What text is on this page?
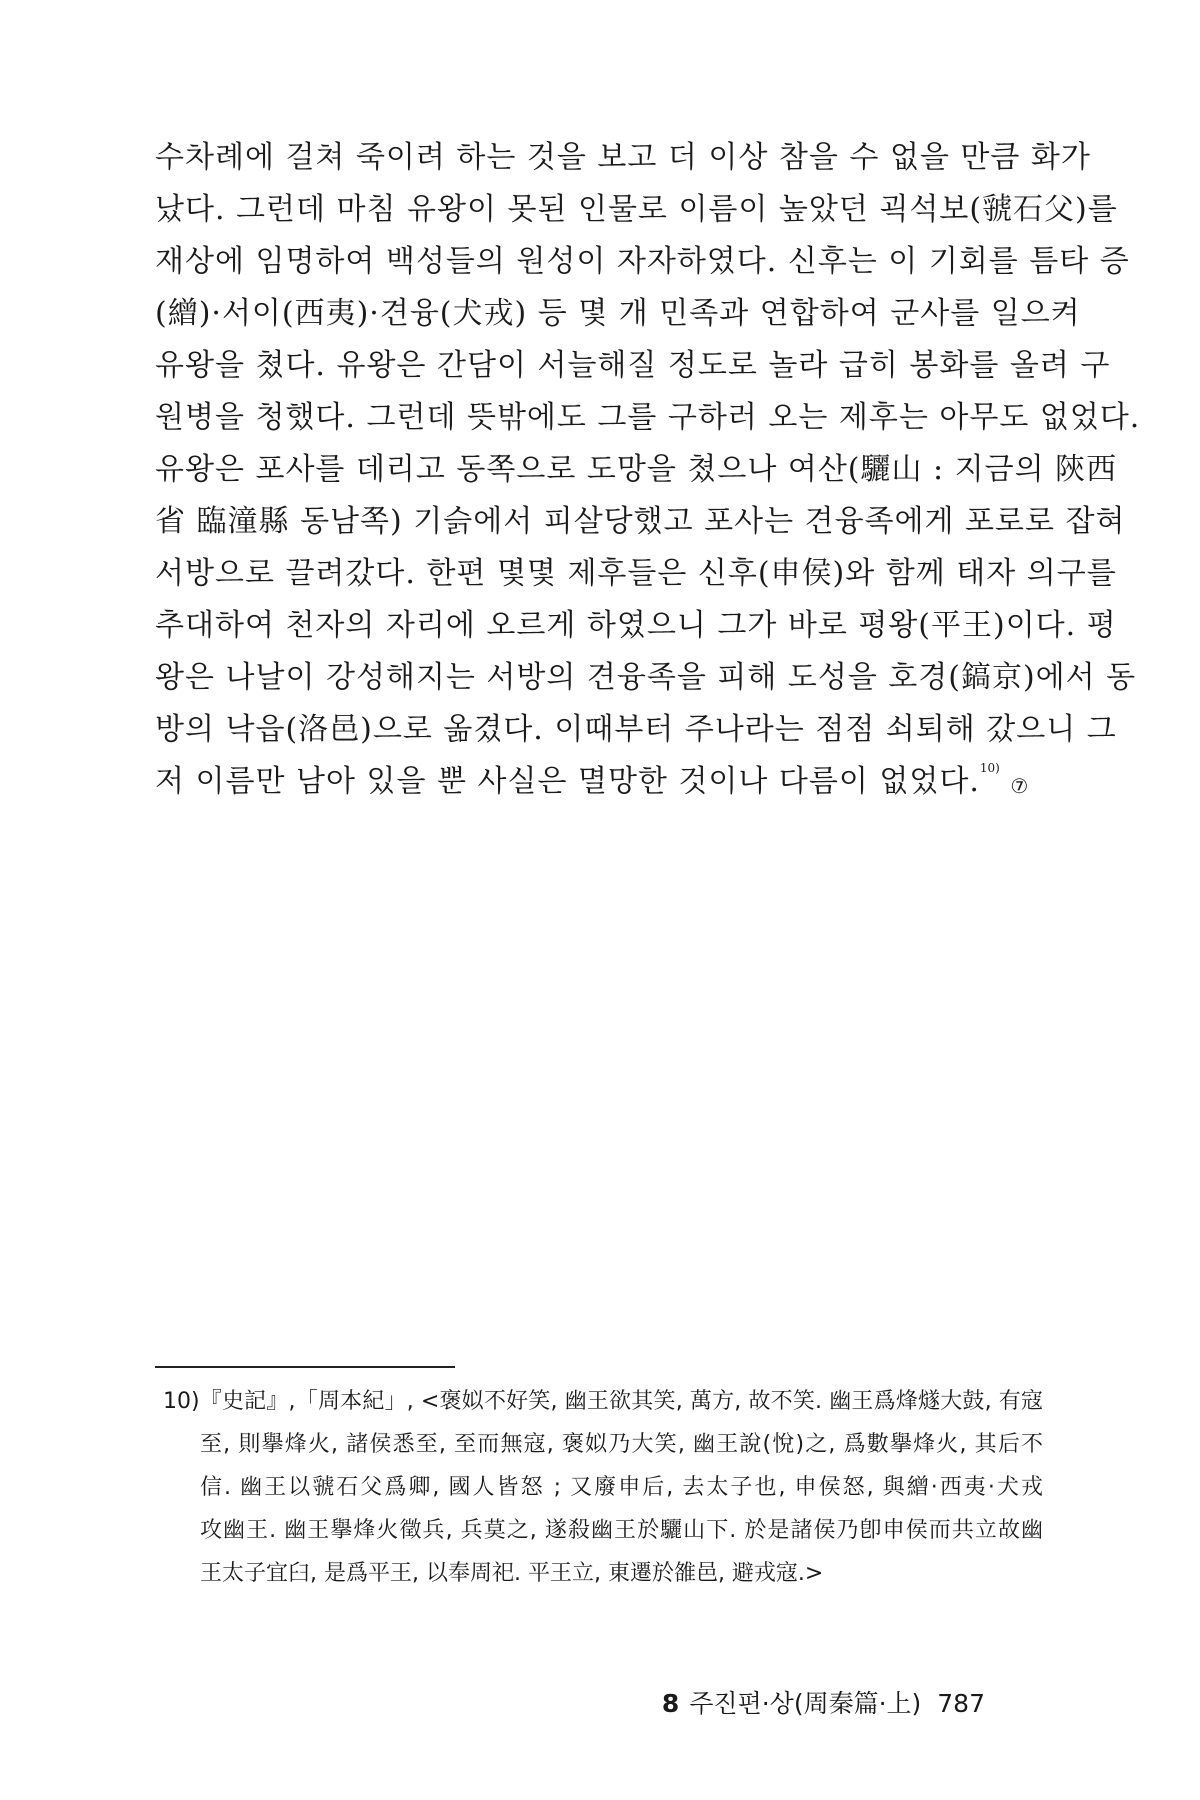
수차례에 걸쳐 죽이려 하는 것을 보고 더 이상 참을 수 없을 만큼 화가
났다. 그런데 마침 유왕이 못된 인물로 이름이 높았던 괵석보(虢石父)를
재상에 임명하여 백성들의 원성이 자자하였다. 신후는 이 기회를 틈타 증
(繒)·서이(西夷)·견융(犬戎) 등 몇 개 민족과 연합하여 군사를 일으켜
유왕을 쳤다. 유왕은 간담이 서늘해질 정도로 놀라 급히 봉화를 올려 구
원병을 청했다. 그런데 뜻밖에도 그를 구하러 오는 제후는 아무도 없었다.
유왕은 포사를 데리고 동쪽으로 도망을 쳤으나 여산(驪山 : 지금의 陝西
省 臨潼縣 동남쪽) 기슭에서 피살당했고 포사는 견융족에게 포로로 잡혀
서방으로 끌려갔다. 한편 몇몇 제후들은 신후(申侯)와 함께 태자 의구를
추대하여 천자의 자리에 오르게 하였으니 그가 바로 평왕(平王)이다. 평
왕은 나날이 강성해지는 서방의 견융족을 피해 도성을 호경(鎬京)에서 동
방의 낙읍(洛邑)으로 옮겼다. 이때부터 주나라는 점점 쇠퇴해 갔으니 그
저 이름만 남아 있을 뿐 사실은 멸망한 것이나 다름이 없었다.$^{10)}$ ⑦
10)『史記』,「周本紀」, <褒姒不好笑, 幽王欲其笑, 萬方, 故不笑. 幽王爲烽燧大鼓, 有寇
至, 則擧烽火, 諸侯悉至, 至而無寇, 褒姒乃大笑, 幽王說(悅)之, 爲數擧烽火, 其后不
信. 幽王以虢石父爲卿, 國人皆怒 ; 又廢申后, 去太子也, 申侯怒, 與繒·西夷·犬戎
攻幽王. 幽王擧烽火徵兵, 兵莫之, 遂殺幽王於驪山下. 於是諸侯乃卽申侯而共立故幽
王太子宜臼, 是爲平王, 以奉周祀. 平王立, 東遷於雒邑, 避戎寇.>
8 주진편·상(周秦篇·上) 787
